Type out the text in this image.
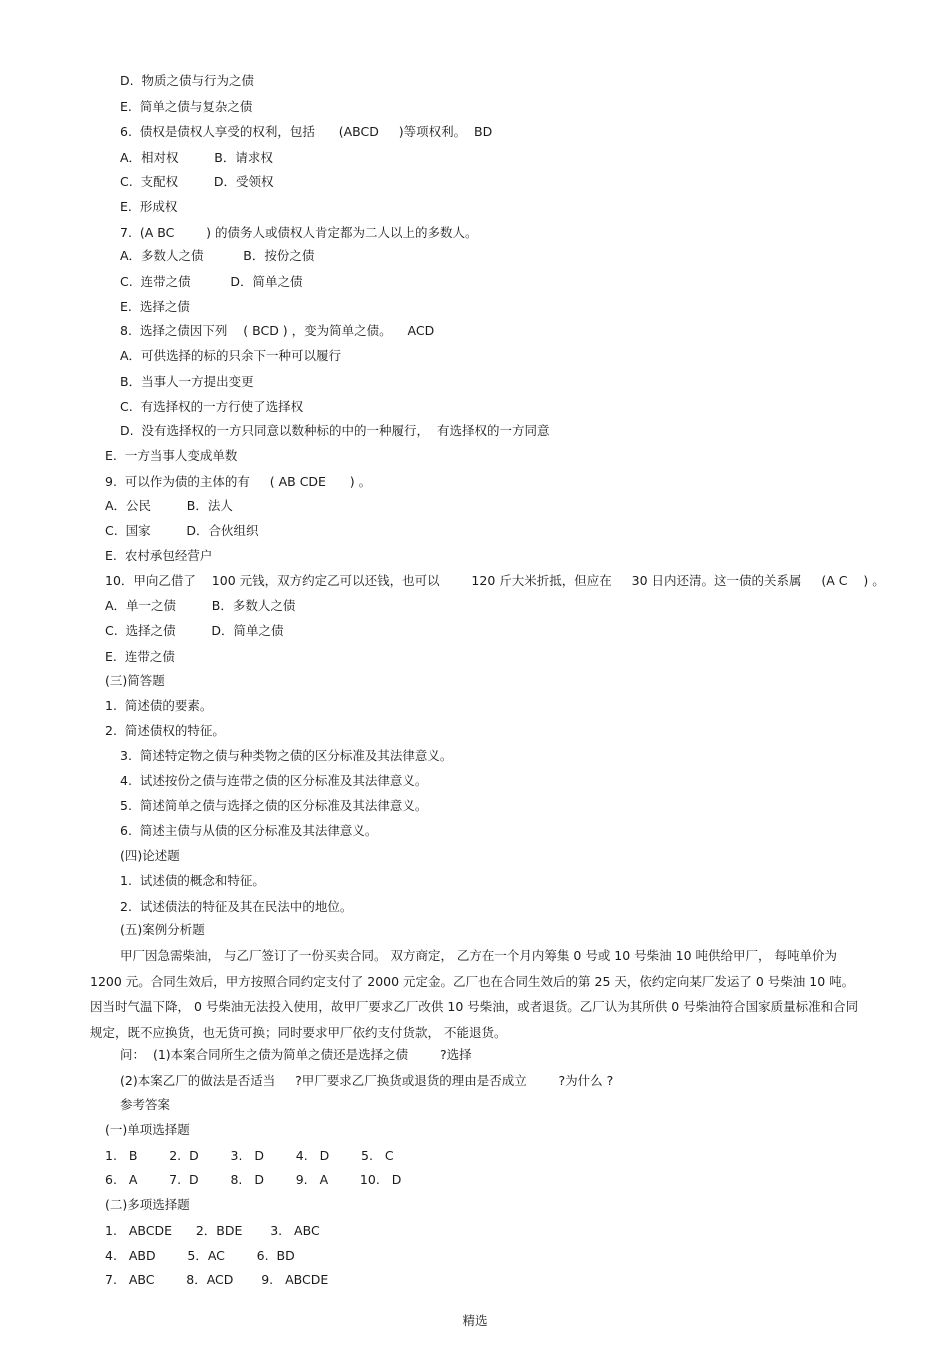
D.  物质之债与行为之债
E.  简单之债与复杂之债
6.  债权是债权人享受的权利，包括      (ABCD     )等项权利。  BD
A．相对权         B．请求权
C.  支配权         D．受领权
E.  形成权
7.  (A BC        ) 的债务人或债权人肯定都为二人以上的多数人。
A．多数人之债          B．按份之债
C.  连带之债          D．简单之债
E.  选择之债
8.  选择之债因下列    ( BCD ) ，变为简单之债。    ACD
A．可供选择的标的只余下一种可以履行
B．当事人一方提出变更
C.  有选择权的一方行使了选择权
D.  没有选择权的一方只同意以数种标的中的一种履行，  有选择权的一方同意
E.  一方当事人变成单数
9.  可以作为债的主体的有     ( AB CDE      ) 。
A．公民         B．法人
C.  国家         D．合伙组织
E.  农村承包经营户
10．甲向乙借了    100 元钱，双方约定乙可以还钱，也可以        120 斤大米折抵，但应在     30 日内还清。这一债的关系属     (A C    ) 。
A．单一之债         B．多数人之债
C.  选择之债         D．简单之债
E.  连带之债
(三)简答题
1.  简述债的要素。
2.  简述债权的特征。
3.  简述特定物之债与种类物之债的区分标准及其法律意义。
4.  试述按份之债与连带之债的区分标准及其法律意义。
5.  简述简单之债与选择之债的区分标准及其法律意义。
6.  简述主债与从债的区分标准及其法律意义。
(四)论述题
1.  试述债的概念和特征。
2.  试述债法的特征及其在民法中的地位。
(五)案例分析题
甲厂因急需柴油， 与乙厂签订了一份买卖合同。 双方商定， 乙方在一个月内筹集 0 号或 10 号柴油 10 吨供给甲厂， 每吨单价为 1200 元。合同生效后，甲方按照合同约定支付了 2000 元定金。乙厂也在合同生效后的第 25 天，依约定向某厂发运了 0 号柴油 10 吨。因当时气温下降， 0 号柴油无法投入使用，故甲厂要求乙厂改供 10 号柴油，或者退货。乙厂认为其所供 0 号柴油符合国家质量标准和合同规定，既不应换货，也无货可换；同时要求甲厂依约支付货款， 不能退货。
问：  (1)本案合同所生之债为简单之债还是选择之债        ?选择
(2)本案乙厂的做法是否适当     ?甲厂要求乙厂换货或退货的理由是否成立        ?为什么 ?
参考答案
(一)单项选择题
1.   B        2.  D        3.   D        4.   D        5.   C
6.   A        7.  D        8.   D        9.   A        10.   D
(二)多项选择题
1.   ABCDE      2．BDE       3.   ABC
4.   ABD        5．AC        6.  BD
7.   ABC        8．ACD       9.   ABCDE
精选
